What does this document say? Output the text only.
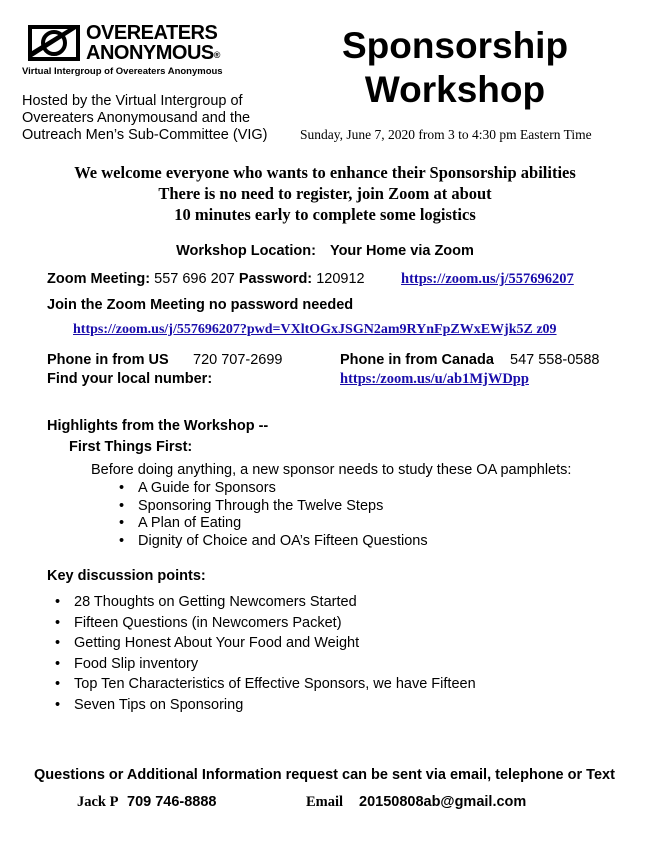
OVEREATERS
ANONYMOUS®
Virtual Intergroup of Overeaters Anonymous
Hosted by the Virtual Intergroup of Overeaters Anonymousand and the Outreach Men’s Sub-Committee (VIG)
Sponsorship
Workshop
Sunday, June 7, 2020 from 3 to 4:30 pm Eastern Time
We welcome everyone who wants to enhance their Sponsorship abilities
There is no need to register, join Zoom at about
10 minutes early to complete some logistics
Workshop Location: Your Home via Zoom
Zoom Meeting: 557 696 207 Password: 120912	https://zoom.us/j/557696207
Join the Zoom Meeting no password needed
https://zoom.us/j/557696207?pwd=VXltOGxJSGN2am9RYnFpZWxEWjk5Z z09
Phone in from US 720 707-2699	Phone in from Canada 547 558-0588
Find your local number:	https:/zoom.us/u/ab1MjWDpp
Highlights from the Workshop --
First Things First:
Before doing anything, a new sponsor needs to study these OA pamphlets:
• A Guide for Sponsors
• Sponsoring Through the Twelve Steps
• A Plan of Eating
• Dignity of Choice and OA’s Fifteen Questions
Key discussion points:
• 28 Thoughts on Getting Newcomers Started
• Fifteen Questions (in Newcomers Packet)
• Getting Honest About Your Food and Weight
• Food Slip inventory
• Top Ten Characteristics of Effective Sponsors, we have Fifteen
• Seven Tips on Sponsoring
Questions or Additional Information request can be sent via email, telephone or Text
Jack P 709 746-8888	Email 20150808ab@gmail.com
